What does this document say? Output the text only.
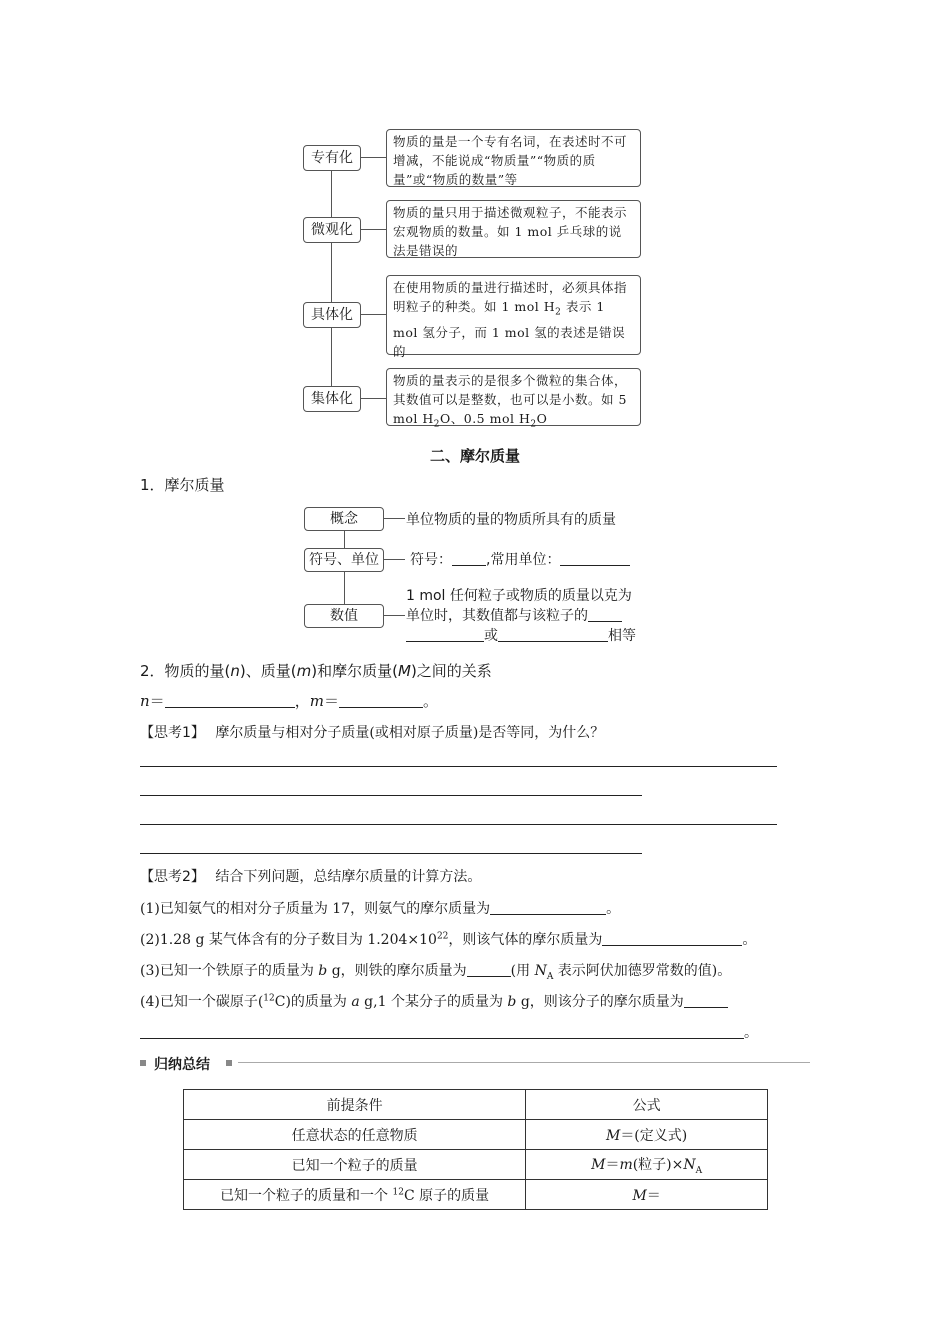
专有化
物质的量是一个专有名词，在表述时不可增减，不能说成“物质量”“物质的质量”或“物质的数量”等
微观化
物质的量只用于描述微观粒子，不能表示宏观物质的数量。如 1 mol 乒乓球的说法是错误的
具体化
在使用物质的量进行描述时，必须具体指明粒子的种类。如 1 mol $H_2$ 表示 1 mol 氢分子，而 1 mol 氢的表述是错误的
集体化
物质的量表示的是很多个微粒的集合体，其数值可以是整数，也可以是小数。如 5 mol $H_2O$、0.5 mol $H_2O$
二、摩尔质量
1．摩尔质量
概念	单位物质的量的物质所具有的质量
符号、单位	符号： ,常用单位：
数值
1 mol 任何粒子或物质的质量以克为
单位时，其数值都与该粒子的
或	相等
2．物质的量(n)、质量(m)和摩尔质量(M)之间的关系
n＝	，m＝	。
【思考1】 摩尔质量与相对分子质量(或相对原子质量)是否等同，为什么？
【思考2】 结合下列问题，总结摩尔质量的计算方法。
(1)已知氨气的相对分子质量为 17，则氨气的摩尔质量为	。
(2)1.28 g 某气体含有的分子数目为 $1.204\times 10^{22}$，则该气体的摩尔质量为	。
(3)已知一个铁原子的质量为 b g，则铁的摩尔质量为	(用 $N_A$ 表示阿伏加德罗常数的值)。
(4)已知一个碳原子($^{12}$C)的质量为 a g,1 个某分子的质量为 b g，则该分子的摩尔质量为
。
归纳总结
前提条件	公式
任意状态的任意物质	M＝(定义式)
已知一个粒子的质量	M＝m(粒子)$\times N_A$
已知一个粒子的质量和一个 $^{12}$C 原子的质量	M＝
